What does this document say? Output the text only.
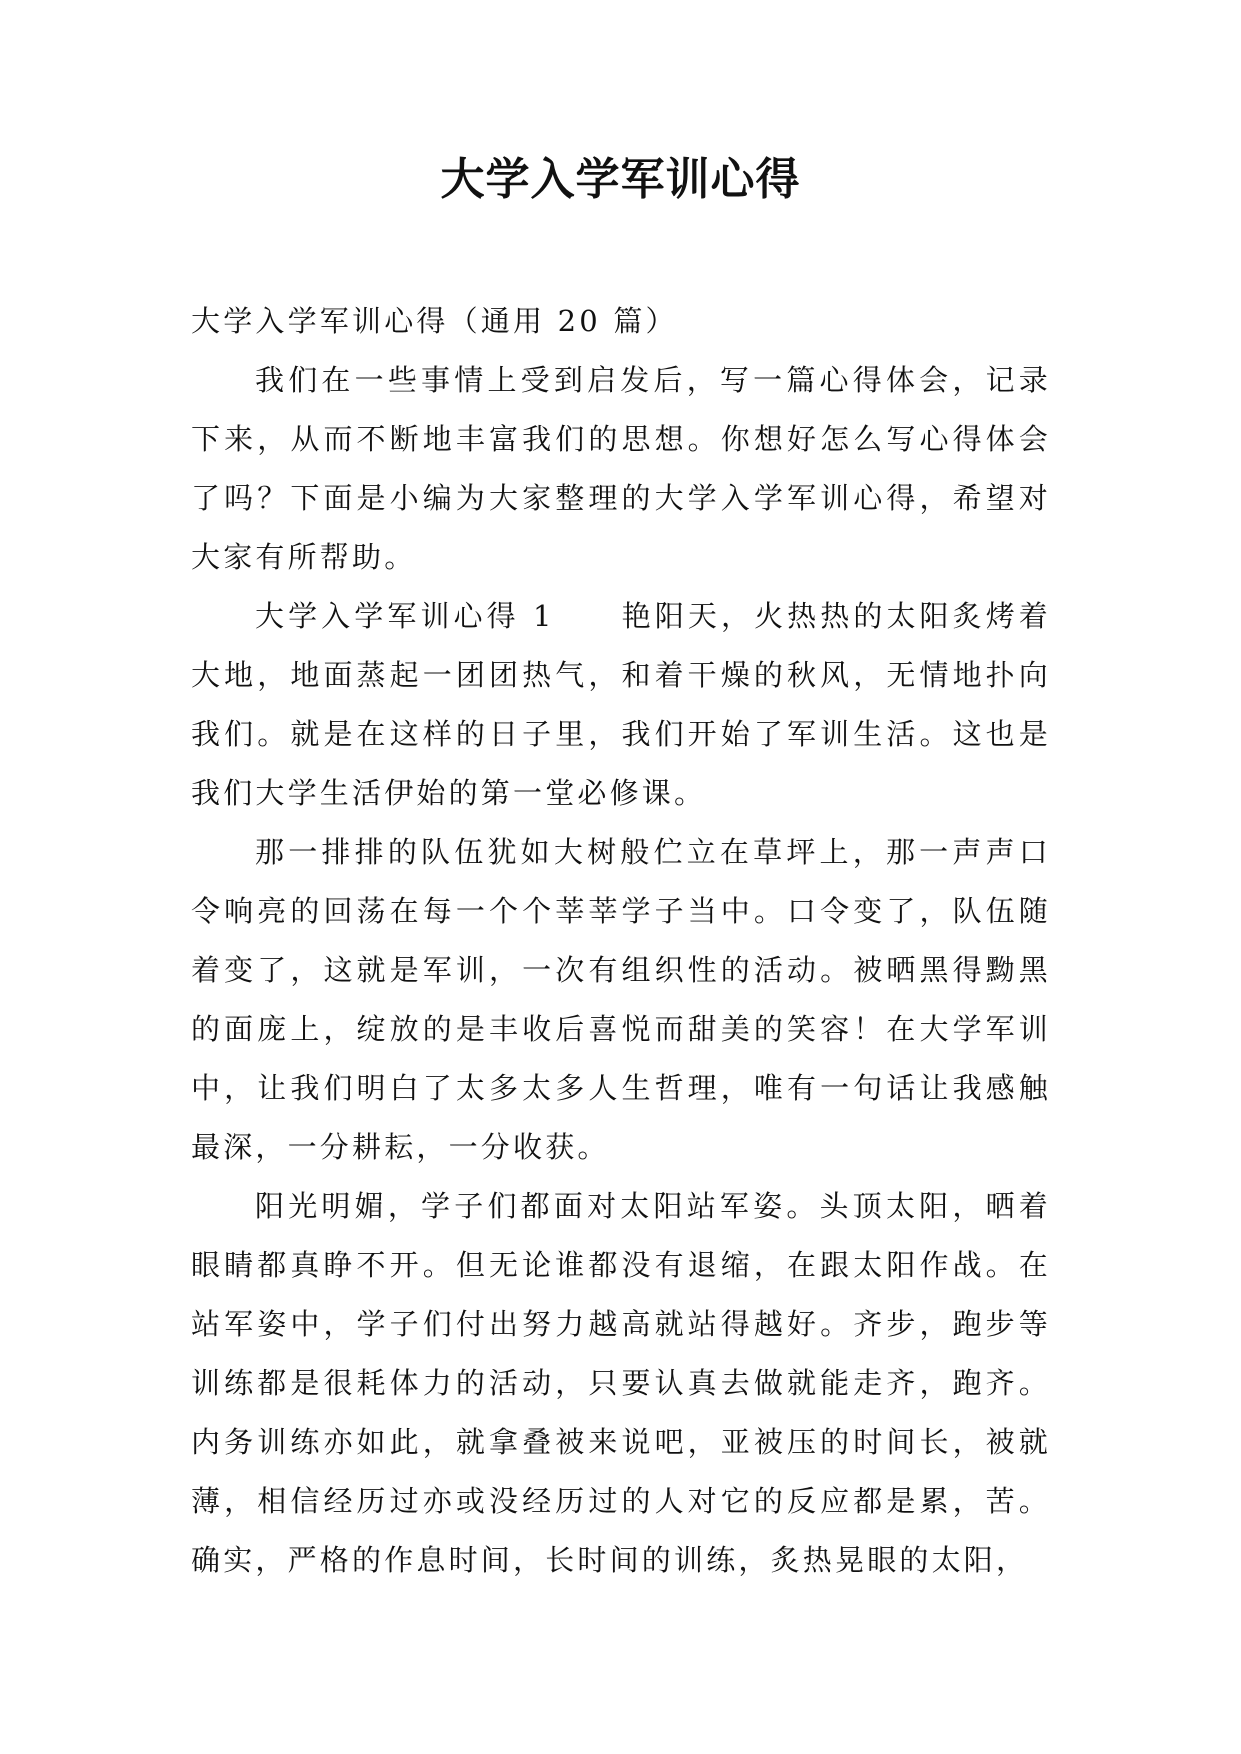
大学入学军训心得

大学入学军训心得（通用 20 篇）

我们在一些事情上受到启发后，写一篇心得体会，记录下来，从而不断地丰富我们的思想。你想好怎么写心得体会了吗？下面是小编为大家整理的大学入学军训心得，希望对大家有所帮助。

大学入学军训心得 1　　艳阳天，火热热的太阳炙烤着大地，地面蒸起一团团热气，和着干燥的秋风，无情地扑向我们。就是在这样的日子里，我们开始了军训生活。这也是我们大学生活伊始的第一堂必修课。

那一排排的队伍犹如大树般伫立在草坪上，那一声声口令响亮的回荡在每一个个莘莘学子当中。口令变了，队伍随着变了，这就是军训，一次有组织性的活动。被晒黑得黝黑的面庞上，绽放的是丰收后喜悦而甜美的笑容！在大学军训中，让我们明白了太多太多人生哲理，唯有一句话让我感触最深，一分耕耘，一分收获。

阳光明媚，学子们都面对太阳站军姿。头顶太阳，晒着眼睛都真睁不开。但无论谁都没有退缩，在跟太阳作战。在站军姿中，学子们付出努力越高就站得越好。齐步，跑步等训练都是很耗体力的活动，只要认真去做就能走齐，跑齐。内务训练亦如此，就拿叠被来说吧，亚被压的时间长，被就薄，相信经历过亦或没经历过的人对它的反应都是累，苦。确实，严格的作息时间，长时间的训练，炙热晃眼的太阳，
